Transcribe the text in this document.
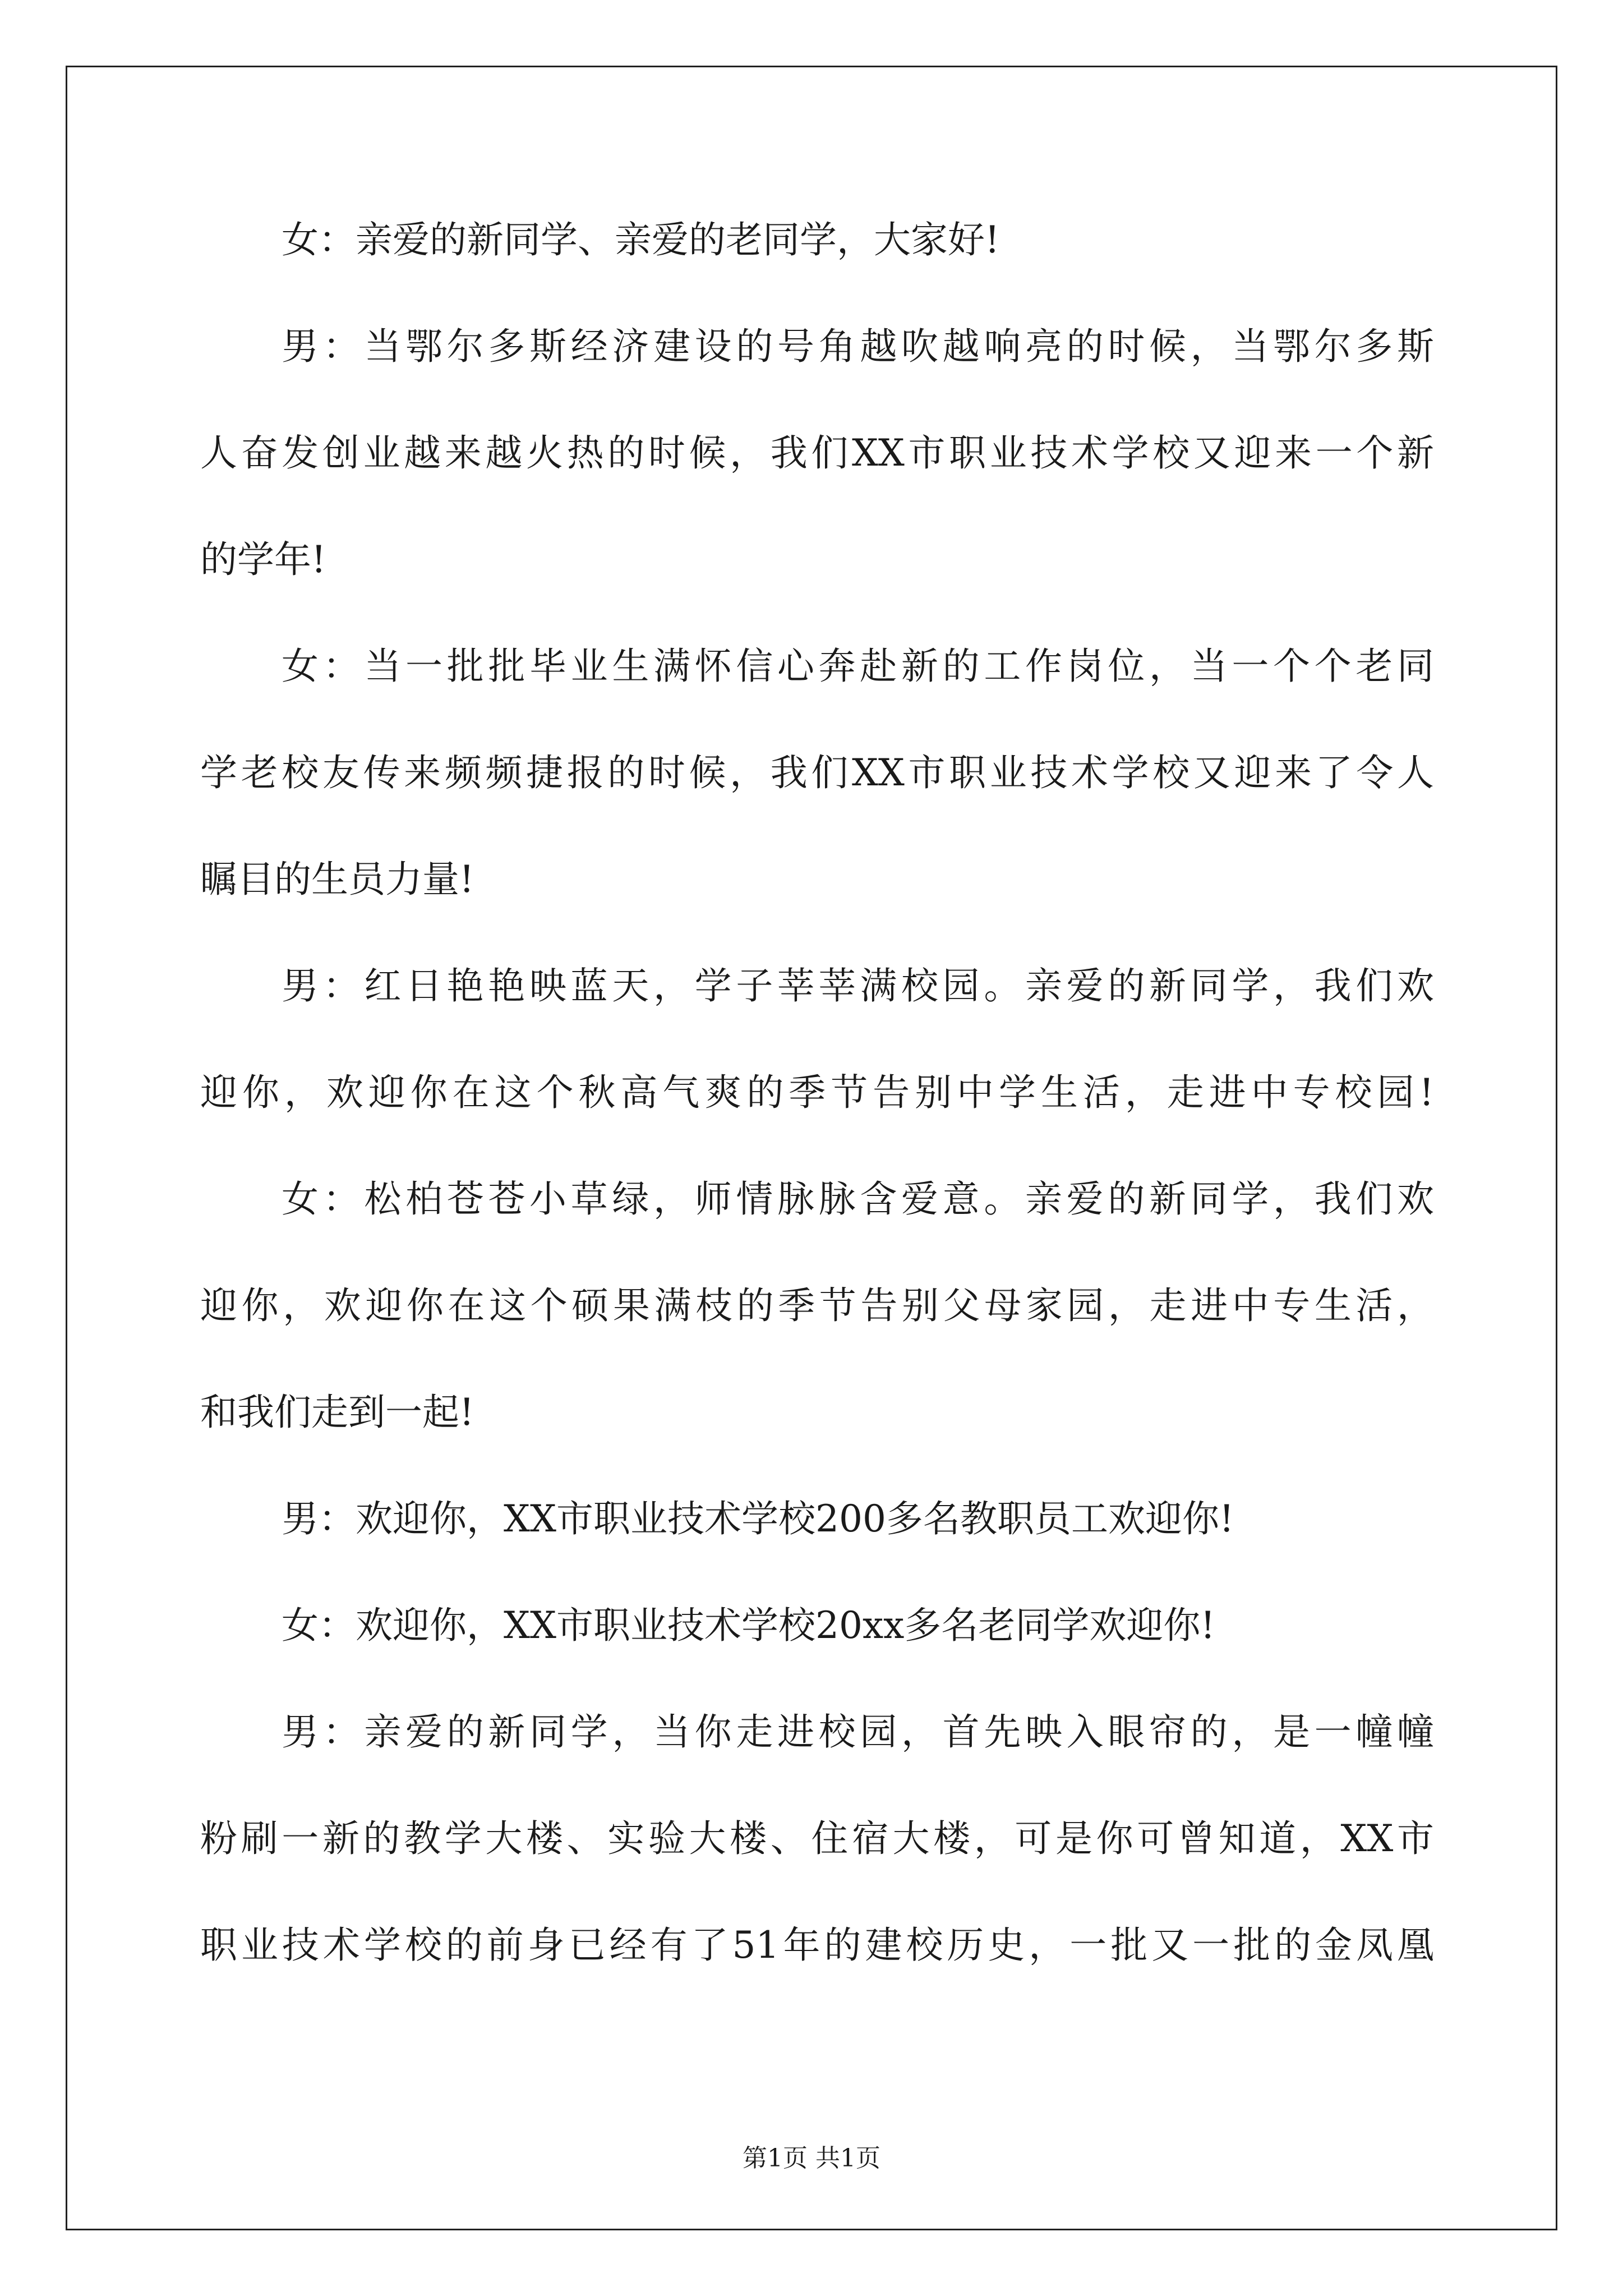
女：亲爱的新同学、亲爱的老同学，大家好!
男：当鄂尔多斯经济建设的号角越吹越响亮的时候，当鄂尔多斯
人奋发创业越来越火热的时候，我们XX市职业技术学校又迎来一个新
的学年!
女：当一批批毕业生满怀信心奔赴新的工作岗位，当一个个老同
学老校友传来频频捷报的时候，我们XX市职业技术学校又迎来了令人
瞩目的生员力量!
男：红日艳艳映蓝天，学子莘莘满校园。亲爱的新同学，我们欢
迎你，欢迎你在这个秋高气爽的季节告别中学生活，走进中专校园!
女：松柏苍苍小草绿，师情脉脉含爱意。亲爱的新同学，我们欢
迎你，欢迎你在这个硕果满枝的季节告别父母家园，走进中专生活，
和我们走到一起!
男：欢迎你，XX市职业技术学校200多名教职员工欢迎你!
女：欢迎你，XX市职业技术学校20xx多名老同学欢迎你!
男：亲爱的新同学，当你走进校园，首先映入眼帘的，是一幢幢
粉刷一新的教学大楼、实验大楼、住宿大楼，可是你可曾知道，XX市
职业技术学校的前身已经有了51年的建校历史，一批又一批的金凤凰
第1页 共1页
